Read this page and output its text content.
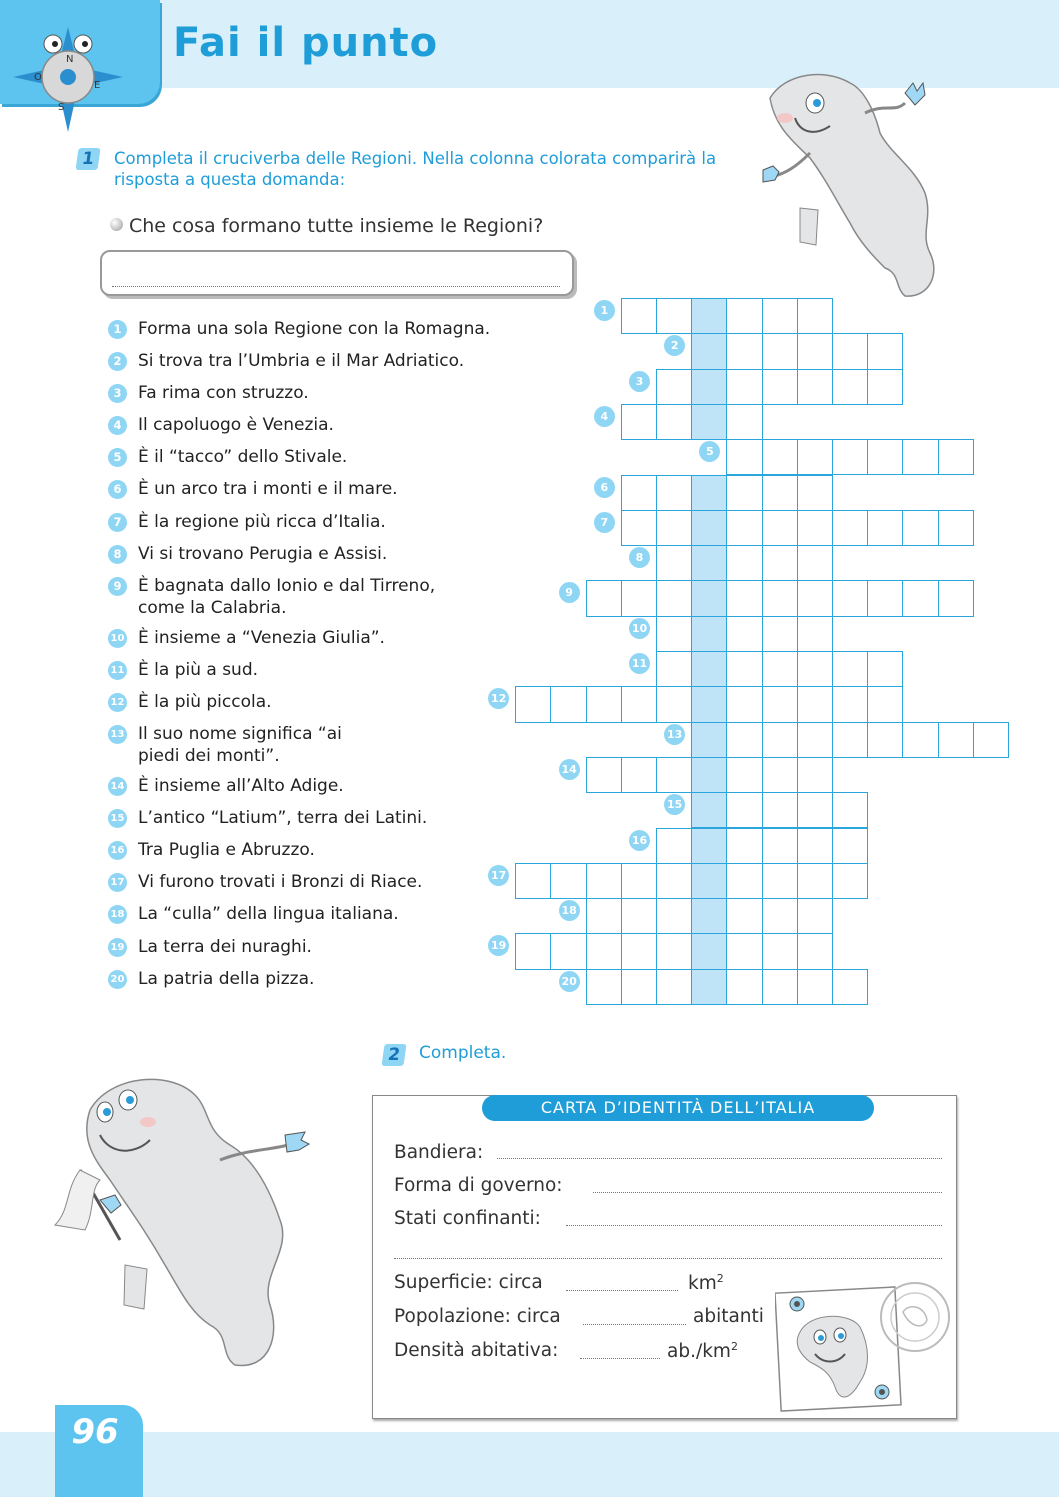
N
O
E
S
Fai il punto
1	Completa il cruciverba delle Regioni. Nella colonna colorata comparirà la risposta a questa domanda:
Che cosa formano tutte insieme le Regioni?
1 Forma una sola Regione con la Romagna.
2 Si trova tra l’Umbria e il Mar Adriatico.
3 Fa rima con struzzo.
4 Il capoluogo è Venezia.
5 È il “tacco” dello Stivale.
6 È un arco tra i monti e il mare.
7 È la regione più ricca d’Italia.
8 Vi si trovano Perugia e Assisi.
9 È bagnata dallo Ionio e dal Tirreno, come la Calabria.
10 È insieme a “Venezia Giulia”.
11 È la più a sud.
12 È la più piccola.
13 Il suo nome significa “ai piedi dei monti”.
14 È insieme all’Alto Adige.
15 L’antico “Latium”, terra dei Latini.
16 Tra Puglia e Abruzzo.
17 Vi furono trovati i Bronzi di Riace.
18 La “culla” della lingua italiana.
19 La terra dei nuraghi.
20 La patria della pizza.
1
2
3
4
5
6
7
8
9
10
11
12
13
14
15
16
17
18
19
20
2	Completa.
CARTA D’IDENTITÀ DELL’ITALIA
Bandiera:
Forma di governo:
Stati confinanti:
Superficie: circa	$km^2$
Popolazione: circa	abitanti
Densità abitativa:	$ab./km^2$
96
